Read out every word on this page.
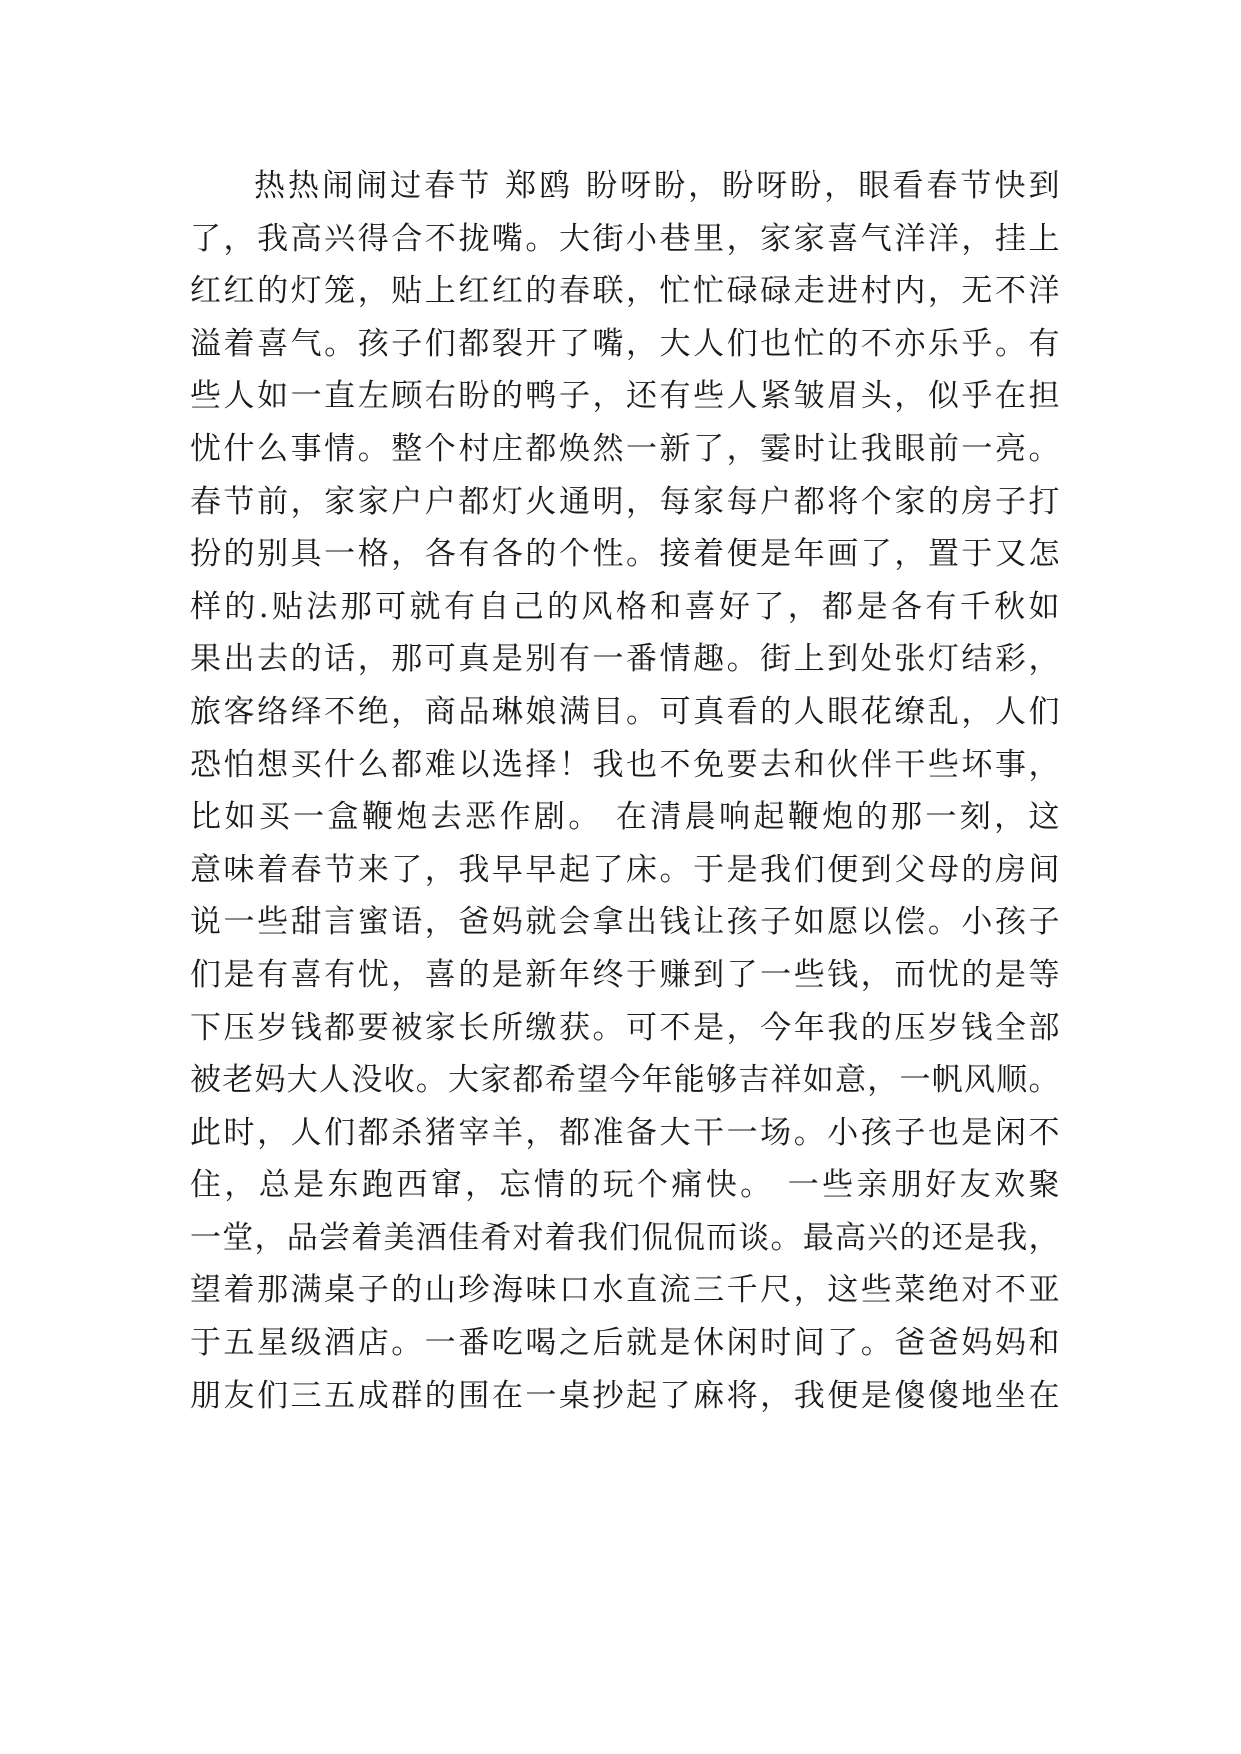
热热闹闹过春节 郑鸥 盼呀盼，盼呀盼，眼看春节快到
了，我高兴得合不拢嘴。大街小巷里，家家喜气洋洋，挂上
红红的灯笼，贴上红红的春联，忙忙碌碌走进村内，无不洋
溢着喜气。孩子们都裂开了嘴，大人们也忙的不亦乐乎。有
些人如一直左顾右盼的鸭子，还有些人紧皱眉头，似乎在担
忧什么事情。整个村庄都焕然一新了，霎时让我眼前一亮。
春节前，家家户户都灯火通明，每家每户都将个家的房子打
扮的别具一格，各有各的个性。接着便是年画了，置于又怎
样的.贴法那可就有自己的风格和喜好了，都是各有千秋如
果出去的话，那可真是别有一番情趣。街上到处张灯结彩，
旅客络绎不绝，商品琳娘满目。可真看的人眼花缭乱，人们
恐怕想买什么都难以选择！我也不免要去和伙伴干些坏事，
比如买一盒鞭炮去恶作剧。 在清晨响起鞭炮的那一刻，这
意味着春节来了，我早早起了床。于是我们便到父母的房间
说一些甜言蜜语，爸妈就会拿出钱让孩子如愿以偿。小孩子
们是有喜有忧，喜的是新年终于赚到了一些钱，而忧的是等
下压岁钱都要被家长所缴获。可不是，今年我的压岁钱全部
被老妈大人没收。大家都希望今年能够吉祥如意，一帆风顺。
此时，人们都杀猪宰羊，都准备大干一场。小孩子也是闲不
住，总是东跑西窜，忘情的玩个痛快。 一些亲朋好友欢聚
一堂，品尝着美酒佳肴对着我们侃侃而谈。最高兴的还是我，
望着那满桌子的山珍海味口水直流三千尺，这些菜绝对不亚
于五星级酒店。一番吃喝之后就是休闲时间了。爸爸妈妈和
朋友们三五成群的围在一桌抄起了麻将，我便是傻傻地坐在
